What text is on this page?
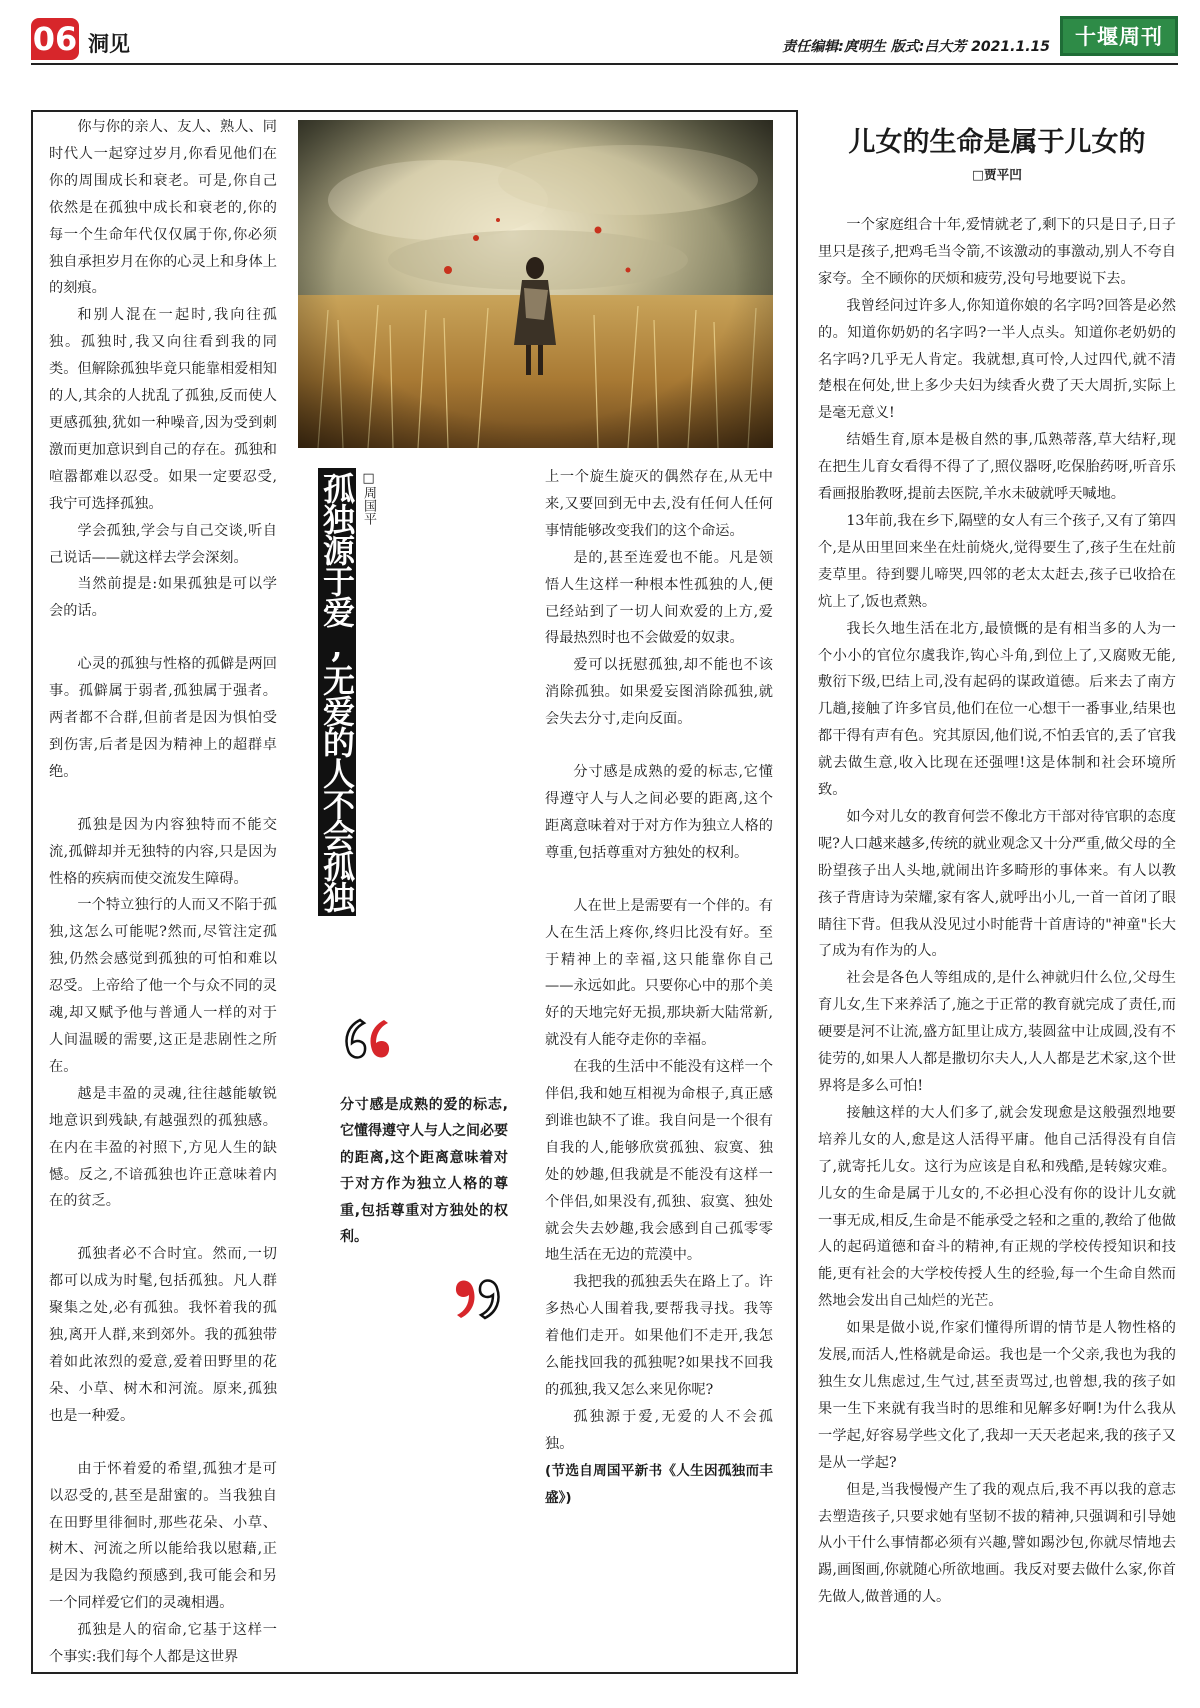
06 洞见	责任编辑:庹明生 版式:吕大芳 2021.1.15 十堰周刊

你与你的亲人、友人、熟人、同时代人一起穿过岁月,你看见他们在你的周围成长和衰老。可是,你自己依然是在孤独中成长和衰老的,你的每一个生命年代仅仅属于你,你必须独自承担岁月在你的心灵上和身体上的刻痕。

和别人混在一起时,我向往孤独。孤独时,我又向往看到我的同类。但解除孤独毕竟只能靠相爱相知的人,其余的人扰乱了孤独,反而使人更感孤独,犹如一种噪音,因为受到刺激而更加意识到自己的存在。孤独和喧嚣都难以忍受。如果一定要忍受,我宁可选择孤独。

学会孤独,学会与自己交谈,听自己说话——就这样去学会深刻。

当然前提是:如果孤独是可以学会的话。

心灵的孤独与性格的孤僻是两回事。孤僻属于弱者,孤独属于强者。两者都不合群,但前者是因为惧怕受到伤害,后者是因为精神上的超群卓绝。

孤独是因为内容独特而不能交流,孤僻却并无独特的内容,只是因为性格的疾病而使交流发生障碍。

一个特立独行的人而又不陷于孤独,这怎么可能呢?然而,尽管注定孤独,仍然会感觉到孤独的可怕和难以忍受。上帝给了他一个与众不同的灵魂,却又赋予他与普通人一样的对于人间温暖的需要,这正是悲剧性之所在。

越是丰盈的灵魂,往往越能敏锐地意识到残缺,有越强烈的孤独感。在内在丰盈的衬照下,方见人生的缺憾。反之,不谙孤独也许正意味着内在的贫乏。

孤独者必不合时宜。然而,一切都可以成为时髦,包括孤独。凡人群聚集之处,必有孤独。我怀着我的孤独,离开人群,来到郊外。我的孤独带着如此浓烈的爱意,爱着田野里的花朵、小草、树木和河流。原来,孤独也是一种爱。

由于怀着爱的希望,孤独才是可以忍受的,甚至是甜蜜的。当我独自在田野里徘徊时,那些花朵、小草、树木、河流之所以能给我以慰藉,正是因为我隐约预感到,我可能会和另一个同样爱它们的灵魂相遇。

孤独是人的宿命,它基于这样一个事实:我们每个人都是这世界

孤独源于爱,无爱的人不会孤独 □周国平
分寸感是成熟的爱的标志,它懂得遵守人与人之间必要的距离,这个距离意味着对于对方作为独立人格的尊重,包括尊重对方独处的权利。

上一个旋生旋灭的偶然存在,从无中来,又要回到无中去,没有任何人任何事情能够改变我们的这个命运。

是的,甚至连爱也不能。凡是领悟人生这样一种根本性孤独的人,便已经站到了一切人间欢爱的上方,爱得最热烈时也不会做爱的奴隶。

爱可以抚慰孤独,却不能也不该消除孤独。如果爱妄图消除孤独,就会失去分寸,走向反面。

分寸感是成熟的爱的标志,它懂得遵守人与人之间必要的距离,这个距离意味着对于对方作为独立人格的尊重,包括尊重对方独处的权利。

人在世上是需要有一个伴的。有人在生活上疼你,终归比没有好。至于精神上的幸福,这只能靠你自己——永远如此。只要你心中的那个美好的天地完好无损,那块新大陆常新,就没有人能夺走你的幸福。

在我的生活中不能没有这样一个伴侣,我和她互相视为命根子,真正感到谁也缺不了谁。我自问是一个很有自我的人,能够欣赏孤独、寂寞、独处的妙趣,但我就是不能没有这样一个伴侣,如果没有,孤独、寂寞、独处就会失去妙趣,我会感到自己孤零零地生活在无边的荒漠中。

我把我的孤独丢失在路上了。许多热心人围着我,要帮我寻找。我等着他们走开。如果他们不走开,我怎么能找回我的孤独呢?如果找不回我的孤独,我又怎么来见你呢?

孤独源于爱,无爱的人不会孤独。

(节选自周国平新书《人生因孤独而丰盛》)

儿女的生命是属于儿女的
□贾平凹

一个家庭组合十年,爱情就老了,剩下的只是日子,日子里只是孩子,把鸡毛当令箭,不该激动的事激动,别人不夸自家夸。全不顾你的厌烦和疲劳,没句号地要说下去。

我曾经问过许多人,你知道你娘的名字吗?回答是必然的。知道你奶奶的名字吗?一半人点头。知道你老奶奶的名字吗?几乎无人肯定。我就想,真可怜,人过四代,就不清楚根在何处,世上多少夫妇为续香火费了天大周折,实际上是毫无意义!

结婚生育,原本是极自然的事,瓜熟蒂落,草大结籽,现在把生儿育女看得不得了了,照仪器呀,吃保胎药呀,听音乐看画报胎教呀,提前去医院,羊水未破就呼天喊地。

13年前,我在乡下,隔壁的女人有三个孩子,又有了第四个,是从田里回来坐在灶前烧火,觉得要生了,孩子生在灶前麦草里。待到婴儿啼哭,四邻的老太太赶去,孩子已收拾在炕上了,饭也煮熟。

我长久地生活在北方,最愤慨的是有相当多的人为一个小小的官位尔虞我诈,钩心斗角,到位上了,又腐败无能,敷衍下级,巴结上司,没有起码的谋政道德。后来去了南方几趟,接触了许多官员,他们在位一心想干一番事业,结果也都干得有声有色。究其原因,他们说,不怕丢官的,丢了官我就去做生意,收入比现在还强哩!这是体制和社会环境所致。

如今对儿女的教育何尝不像北方干部对待官职的态度呢?人口越来越多,传统的就业观念又十分严重,做父母的全盼望孩子出人头地,就闹出许多畸形的事体来。有人以教孩子背唐诗为荣耀,家有客人,就呼出小儿,一首一首闭了眼睛往下背。但我从没见过小时能背十首唐诗的"神童"长大了成为有作为的人。

社会是各色人等组成的,是什么神就归什么位,父母生育儿女,生下来养活了,施之于正常的教育就完成了责任,而硬要是河不让流,盛方缸里让成方,装圆盆中让成圆,没有不徒劳的,如果人人都是撒切尔夫人,人人都是艺术家,这个世界将是多么可怕!

接触这样的大人们多了,就会发现愈是这般强烈地要培养儿女的人,愈是这人活得平庸。他自己活得没有自信了,就寄托儿女。这行为应该是自私和残酷,是转嫁灾难。儿女的生命是属于儿女的,不必担心没有你的设计儿女就一事无成,相反,生命是不能承受之轻和之重的,教给了他做人的起码道德和奋斗的精神,有正规的学校传授知识和技能,更有社会的大学校传授人生的经验,每一个生命自然而然地会发出自己灿烂的光芒。

如果是做小说,作家们懂得所谓的情节是人物性格的发展,而活人,性格就是命运。我也是一个父亲,我也为我的独生女儿焦虑过,生气过,甚至责骂过,也曾想,我的孩子如果一生下来就有我当时的思维和见解多好啊!为什么我从一学起,好容易学些文化了,我却一天天老起来,我的孩子又是从一学起?

但是,当我慢慢产生了我的观点后,我不再以我的意志去塑造孩子,只要求她有坚韧不拔的精神,只强调和引导她从小干什么事情都必须有兴趣,譬如踢沙包,你就尽情地去踢,画图画,你就随心所欲地画。我反对要去做什么家,你首先做人,做普通的人。
